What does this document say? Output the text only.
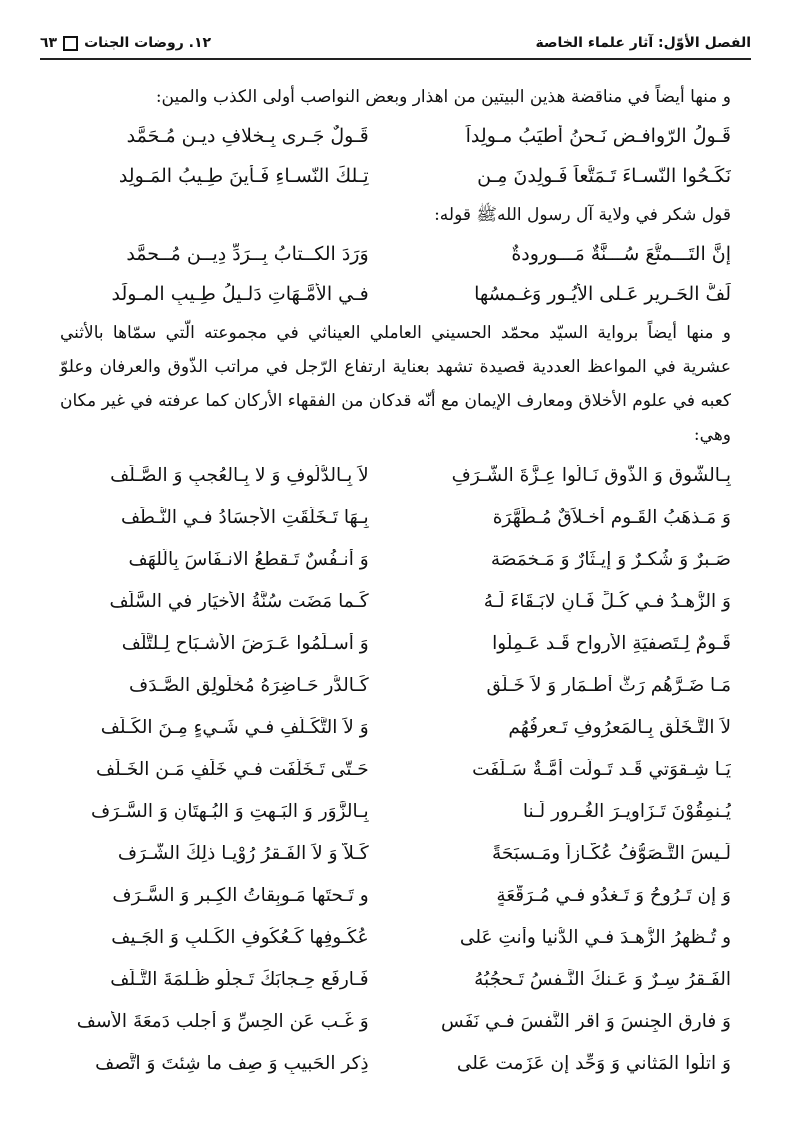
١٢. روضات الجنات
٦٣	الفصل الأوّل: آثار علماء الخاصة

و منها أيضاً في مناقضة هذين البيتين من اهذار وبعض النواصب أولى الكذب والمين:

قَـولُ الرّوافـضِ نَـحنُ أطيَبُ مـولِداً
قَـولٌ جَـرى بِـخلافِ ديـنِ مُـحَمَّد
نَكَـحُوا النّسـاءَ تَـمَتُّعاً فَـولِدنَ مِـن
تِـلكَ النّسـاءِ فَـأينَ طِـيبُ المَـولِد

قول شكر في ولاية آل رسول اللهﷺ قوله:

إنَّ التَـــمتُّعَ سُـــنَّةٌ مَـــورودةٌ
وَرَدَ الكــتابُ بِــرَدِّ دِيــنِ مُــحمَّد
لَفُّ الحَـرير عَـلى الأيُـورِ وَغـمسُها
فـي الأمَّـهَاتِ دَلـيلُ طِـيبِ المـولَد

و منها أيضاً برواية السيّد محمّد الحسيني العاملي العيناثي في مجموعته الّتي سمّاها بالأثني عشرية في المواعظ العددية قصيدة تشهد بعناية ارتفاع الرّجل في مراتب الذّوق والعرفان وعلوّ كعبه في علوم الأخلاق ومعارف الإيمان مع أنّه قدكان من الفقهاء الأركان كما عرفته في غير مكان وهي:

بِـالشَّوقِ وَ الذَّوقِ نَـالُوا عِـزَّةَ الشَّـرَفِ
لاَ بِـالدُّلُوفِ وَ لا بِـالعُجبِ وَ الصَّـلَف
وَ مَـذهَبُ القَـومِ أخـلاَقٌ مُـطَهَّرَة
بِـهَا تَـخَلَّقَتِ الأجسَادُ فـي النُّـطَف
صَـبرٌ وَ شُكـرٌ وَ إيـثَارٌ وَ مَـخمَصَة
وَ أنـفُسٌ تَـقطعُ الانـفَاسَ بِالّلهَف
وَ الزُّهـدُ فـي كُـلِّ فَـانٍ لابَـقَاءَ لَـهُ
كَـما مَضَت سُنَّةُ الأخيَارِ في السَّلَف
قَـومٌ لِـتَصفيَةِ الأرواحِ قَـد عَـمِلُوا
وَ أسـلَمُوا عَـرَضَ الأشـبَاحِ لِـلتَّلَف
مَـا ضَـرَّهُم رَثُّ أطـمَارٍ وَ لاَ خَـلَق
كَـالدُّرِ حَـاضِرَهُ مُخلَولِق الصَّـدَف
لاَ التَّـخَلُّقِ بِـالمَعرُوفِ تَـعرِفُهُم
وَ لاَ التَّكَـلُّفِ فـي شَـيءٍ مِـنَ الكَـلَف
يَـا شِـقوَتي قَـد تَـولَّت أُمَّـةٌ سَـلَفَت
حَـتّى تَـخَلَّفَت فـي خَلَفٍ مَـنِ الخَـلَف
يُـنمِقُوْنَ تَـزَاوِيـرَ الغُـرورِ لَـنا
بِـالزَّوَرِ وَ البَـهتِ وَ البُـهتَانِ وَ السَّـرَف
لَـيسَ التَّـصَوُّفُ عُكَّـازاً ومَـسبَحَةً
كَـلاَّ وَ لاَ الفَـقرُ رُوْيـا ذلِكَ الشَّـرَف
وَ إن تَـرُوحُ وَ تَـغدُو فـي مُـرَقَّعَةٍ
و تَـحتَها مَـوبِقاتُ الكِـبرِ وَ السَّـرَف
و تُـظهِرُ الزُّهـدَ فـي الدُّنيا وأنتِ عَلى
عُكُـوفِها كَـعُكُوفِ الكَـلبِ وَ الجَـيف
الفَـقرُ سِـرٌ وَ عَـنكَ النَّـفسُ تَـحجُبُهُ
فَـارفَع حِـجابَكَ تَـجلُو ظُـلمَةَ التَّـلَف
وَ فارِقِ الجِنسَ وَ اقرِ النَّفسَ فـي نَفَس
وَ غَـب عَنِ الحِسِّ وَ أجلب دَمعَةَ الأسف
وَ اتلُوا المَثاني وَ وَحِّد إن عَزَمت عَلى
ذِكرِ الحَبيبِ وَ صِف ما شِئتَ وَ اتَّصف
